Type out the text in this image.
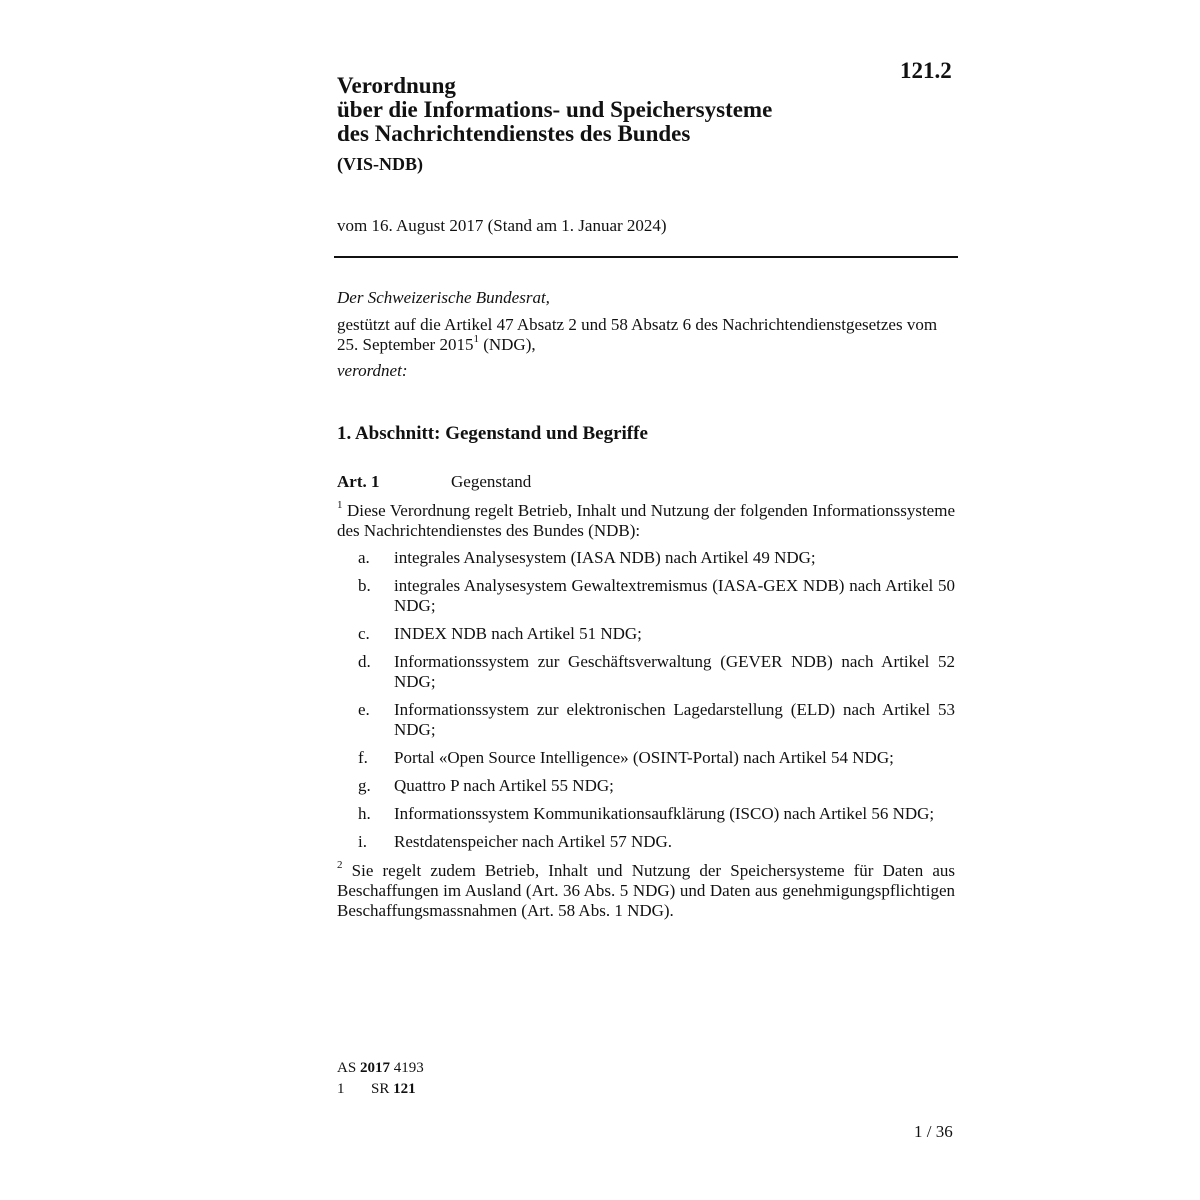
121.2
Verordnung
über die Informations- und Speichersysteme
des Nachrichtendienstes des Bundes
(VIS-NDB)
vom 16. August 2017 (Stand am 1. Januar 2024)
Der Schweizerische Bundesrat,
gestützt auf die Artikel 47 Absatz 2 und 58 Absatz 6 des Nachrichtendienstgesetzes vom 25. September 2015$^1$ (NDG),
verordnet:
1. Abschnitt: Gegenstand und Begriffe
Art. 1	Gegenstand
$^1$ Diese Verordnung regelt Betrieb, Inhalt und Nutzung der folgenden Informationssysteme des Nachrichtendienstes des Bundes (NDB):
a.	integrales Analysesystem (IASA NDB) nach Artikel 49 NDG;
b.	integrales Analysesystem Gewaltextremismus (IASA-GEX NDB) nach Artikel 50 NDG;
c.	INDEX NDB nach Artikel 51 NDG;
d.	Informationssystem zur Geschäftsverwaltung (GEVER NDB) nach Artikel 52 NDG;
e.	Informationssystem zur elektronischen Lagedarstellung (ELD) nach Artikel 53 NDG;
f.	Portal «Open Source Intelligence» (OSINT-Portal) nach Artikel 54 NDG;
g.	Quattro P nach Artikel 55 NDG;
h.	Informationssystem Kommunikationsaufklärung (ISCO) nach Artikel 56 NDG;
i.	Restdatenspeicher nach Artikel 57 NDG.
$^2$ Sie regelt zudem Betrieb, Inhalt und Nutzung der Speichersysteme für Daten aus Beschaffungen im Ausland (Art. 36 Abs. 5 NDG) und Daten aus genehmigungspflichtigen Beschaffungsmassnahmen (Art. 58 Abs. 1 NDG).
AS 2017 4193
1 SR 121
1 / 36
